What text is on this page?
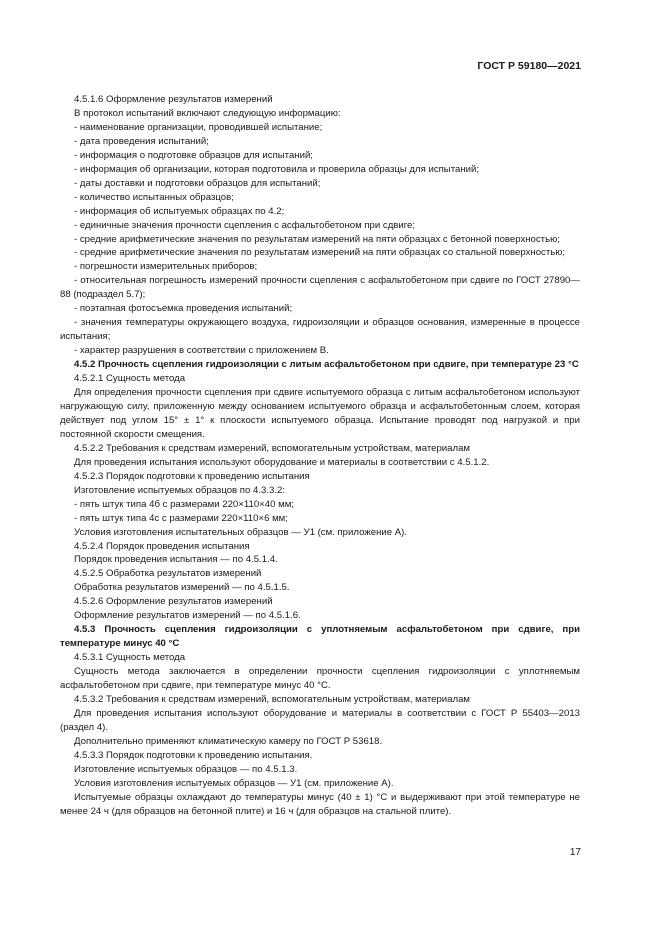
ГОСТ Р 59180—2021

4.5.1.6 Оформление результатов измерений

В протокол испытаний включают следующую информацию:

- наименование организации, проводившей испытание;

- дата проведения испытаний;

- информация о подготовке образцов для испытаний;

- информация об организации, которая подготовила и проверила образцы для испытаний;

- даты доставки и подготовки образцов для испытаний;

- количество испытанных образцов;

- информация об испытуемых образцах по 4.2;

- единичные значения прочности сцепления с асфальтобетоном при сдвиге;

- средние арифметические значения по результатам измерений на пяти образцах с бетонной поверхностью;

- средние арифметические значения по результатам измерений на пяти образцах со стальной поверхностью;

- погрешности измерительных приборов;

- относительная погрешность измерений прочности сцепления с асфальтобетоном при сдвиге по ГОСТ 27890—88 (подраздел 5.7);

- поэтапная фотосъемка проведения испытаний;

- значения температуры окружающего воздуха, гидроизоляции и образцов основания, измеренные в процессе испытания;

- характер разрушения в соответствии с приложением В.

4.5.2 Прочность сцепления гидроизоляции с литым асфальтобетоном при сдвиге, при температуре 23 °С

4.5.2.1 Сущность метода

Для определения прочности сцепления при сдвиге испытуемого образца с литым асфальтобетоном используют нагружающую силу, приложенную между основанием испытуемого образца и асфальтобетонным слоем, которая действует под углом 15° ± 1° к плоскости испытуемого образца. Испытание проводят под нагрузкой и при постоянной скорости смещения.

4.5.2.2 Требования к средствам измерений, вспомогательным устройствам, материалам

Для проведения испытания используют оборудование и материалы в соответствии с 4.5.1.2.

4.5.2.3 Порядок подготовки к проведению испытания

Изготовление испытуемых образцов по 4.3.3.2:

- пять штук типа 4б с размерами 220×110×40 мм;

- пять штук типа 4с с размерами 220×110×6 мм;

Условия изготовления испытательных образцов — У1 (см. приложение А).

4.5.2.4 Порядок проведения испытания

Порядок проведения испытания — по 4.5.1.4.

4.5.2.5 Обработка результатов измерений

Обработка результатов измерений — по 4.5.1.5.

4.5.2.6 Оформление результатов измерений

Оформление результатов измерений — по 4.5.1.6.

4.5.3 Прочность сцепления гидроизоляции с уплотняемым асфальтобетоном при сдвиге, при температуре минус 40 °С

4.5.3.1 Сущность метода

Сущность метода заключается в определении прочности сцепления гидроизоляции с уплотняемым асфальтобетоном при сдвиге, при температуре минус 40 °С.

4.5.3.2 Требования к средствам измерений, вспомогательным устройствам, материалам

Для проведения испытания используют оборудование и материалы в соответствии с ГОСТ Р 55403—2013 (раздел 4).

Дополнительно применяют климатическую камеру по ГОСТ Р 53618.

4.5.3.3 Порядок подготовки к проведению испытания.

Изготовление испытуемых образцов — по 4.5.1.3.

Условия изготовления испытуемых образцов — У1 (см. приложение А).

Испытуемые образцы охлаждают до температуры минус (40 ± 1) °С и выдерживают при этой температуре не менее 24 ч (для образцов на бетонной плите) и 16 ч (для образцов на стальной плите).

17
